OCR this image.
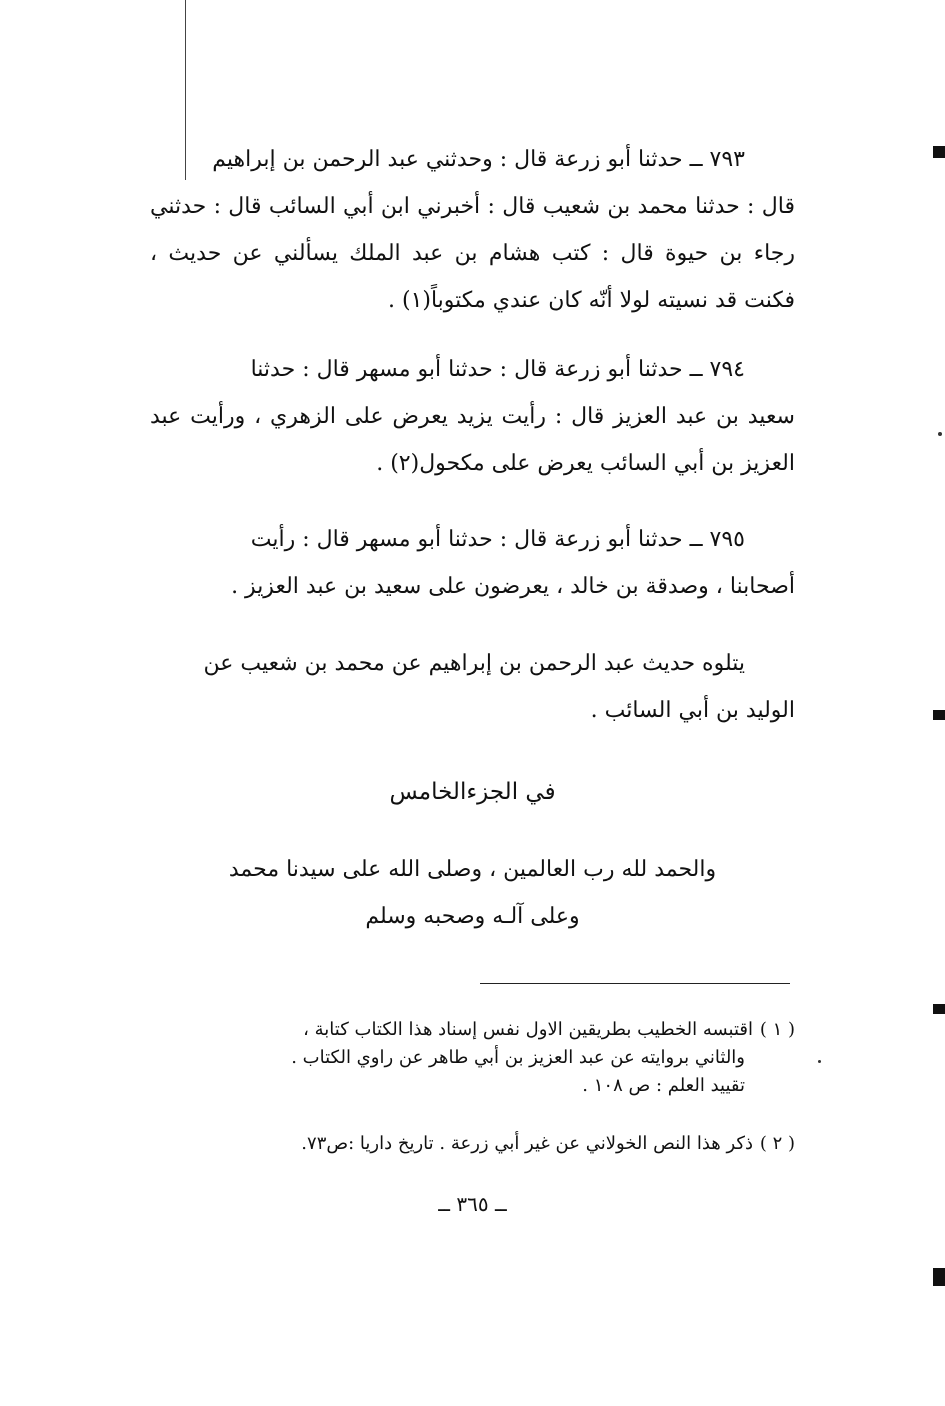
٧٩٣ ــ حدثنا أبو زرعة قال : وحدثني عبد الرحمن بن إبراهيم
قال : حدثنا محمد بن شعيب قال : أخبرني ابن أبي السائب قال : حدثني رجاء بن حيوة قال : كتب هشام بن عبد الملك يسألني عن حديث ، فكنت قد نسيته لولا أنّه كان عندي مكتوباً(١) .
٧٩٤ ــ حدثنا أبو زرعة قال : حدثنا أبو مسهر قال : حدثنا
سعيد بن عبد العزيز قال : رأيت يزيد يعرض على الزهري ، ورأيت عبد العزيز بن أبي السائب يعرض على مكحول(٢) .
٧٩٥ ــ حدثنا أبو زرعة قال : حدثنا أبو مسهر قال : رأيت
أصحابنا ، وصدقة بن خالد ، يعرضون على سعيد بن عبد العزيز .
يتلوه حديث عبد الرحمن بن إبراهيم عن محمد بن شعيب عن
الوليد بن أبي السائب .
في الجزءالخامس
والحمد لله رب العالمين ، وصلى الله على سيدنا محمد
وعلى آلـه وصحبه وسلم
( ١ )اقتبسه الخطيب بطريقين الاول نفس إسناد هذا الكتاب كتابة ،
والثاني بروايته عن عبد العزيز بن أبي طاهر عن راوي الكتاب .
تقييد العلم : ص ١٠٨ .
( ٢ )ذكر هذا النص الخولاني عن غير أبي زرعة . تاريخ داريا :ص٧٣.
ــ ٣٦٥ ــ
